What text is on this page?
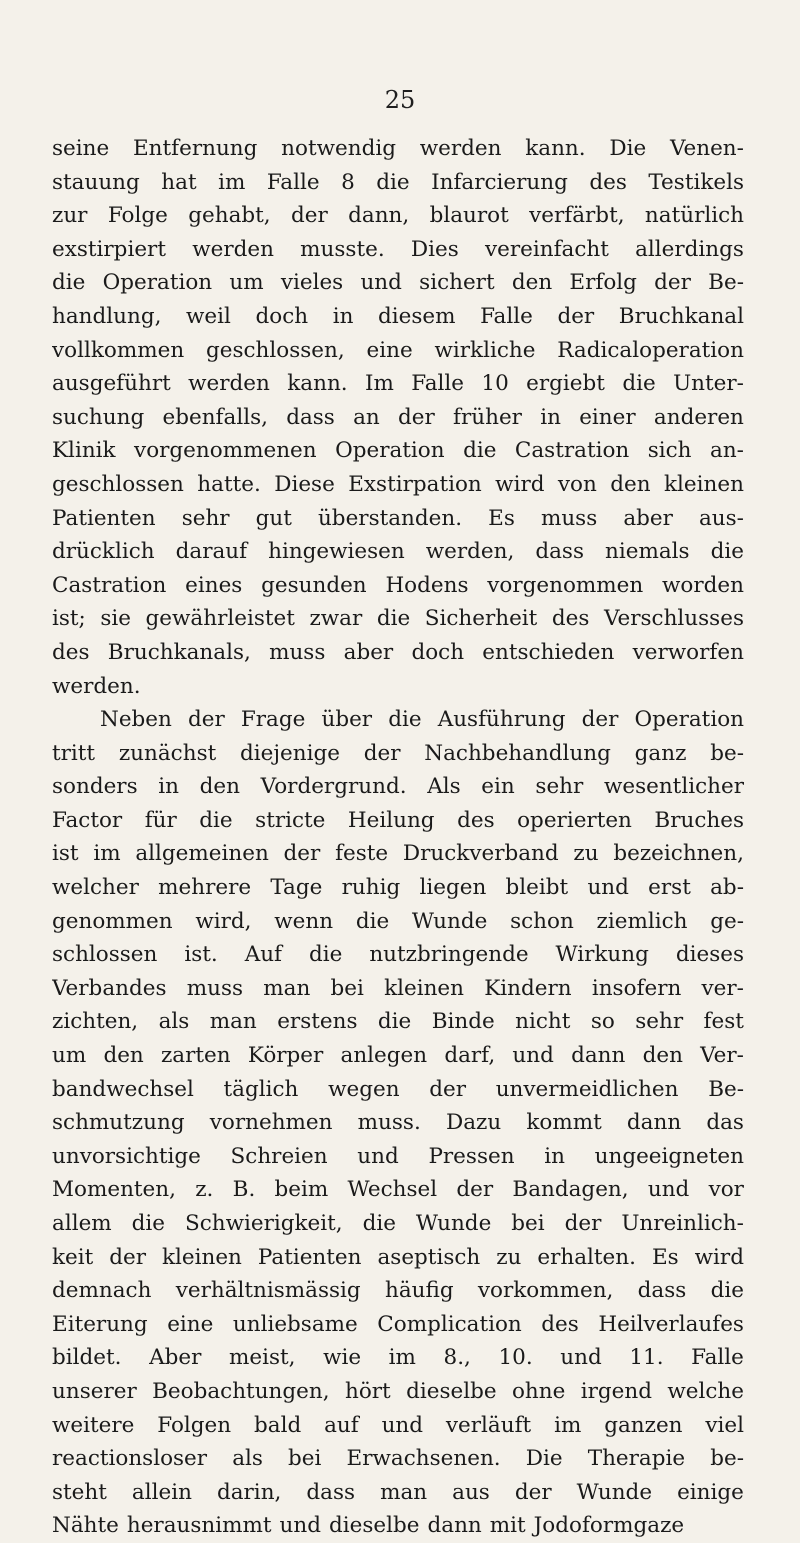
25
seine Entfernung notwendig werden kann. Die Venen-
stauung hat im Falle 8 die Infarcierung des Testikels
zur Folge gehabt, der dann, blaurot verfärbt, natürlich
exstirpiert werden musste. Dies vereinfacht allerdings
die Operation um vieles und sichert den Erfolg der Be-
handlung, weil doch in diesem Falle der Bruchkanal
vollkommen geschlossen, eine wirkliche Radicaloperation
ausgeführt werden kann. Im Falle 10 ergiebt die Unter-
suchung ebenfalls, dass an der früher in einer anderen
Klinik vorgenommenen Operation die Castration sich an-
geschlossen hatte. Diese Exstirpation wird von den kleinen
Patienten sehr gut überstanden. Es muss aber aus-
drücklich darauf hingewiesen werden, dass niemals die
Castration eines gesunden Hodens vorgenommen worden
ist; sie gewährleistet zwar die Sicherheit des Verschlusses
des Bruchkanals, muss aber doch entschieden verworfen
werden.
Neben der Frage über die Ausführung der Operation
tritt zunächst diejenige der Nachbehandlung ganz be-
sonders in den Vordergrund. Als ein sehr wesentlicher
Factor für die stricte Heilung des operierten Bruches
ist im allgemeinen der feste Druckverband zu bezeichnen,
welcher mehrere Tage ruhig liegen bleibt und erst ab-
genommen wird, wenn die Wunde schon ziemlich ge-
schlossen ist. Auf die nutzbringende Wirkung dieses
Verbandes muss man bei kleinen Kindern insofern ver-
zichten, als man erstens die Binde nicht so sehr fest
um den zarten Körper anlegen darf, und dann den Ver-
bandwechsel täglich wegen der unvermeidlichen Be-
schmutzung vornehmen muss. Dazu kommt dann das
unvorsichtige Schreien und Pressen in ungeeigneten
Momenten, z. B. beim Wechsel der Bandagen, und vor
allem die Schwierigkeit, die Wunde bei der Unreinlich-
keit der kleinen Patienten aseptisch zu erhalten. Es wird
demnach verhältnismässig häufig vorkommen, dass die
Eiterung eine unliebsame Complication des Heilverlaufes
bildet. Aber meist, wie im 8., 10. und 11. Falle
unserer Beobachtungen, hört dieselbe ohne irgend welche
weitere Folgen bald auf und verläuft im ganzen viel
reactionsloser als bei Erwachsenen. Die Therapie be-
steht allein darin, dass man aus der Wunde einige
Nähte herausnimmt und dieselbe dann mit Jodoformgaze
